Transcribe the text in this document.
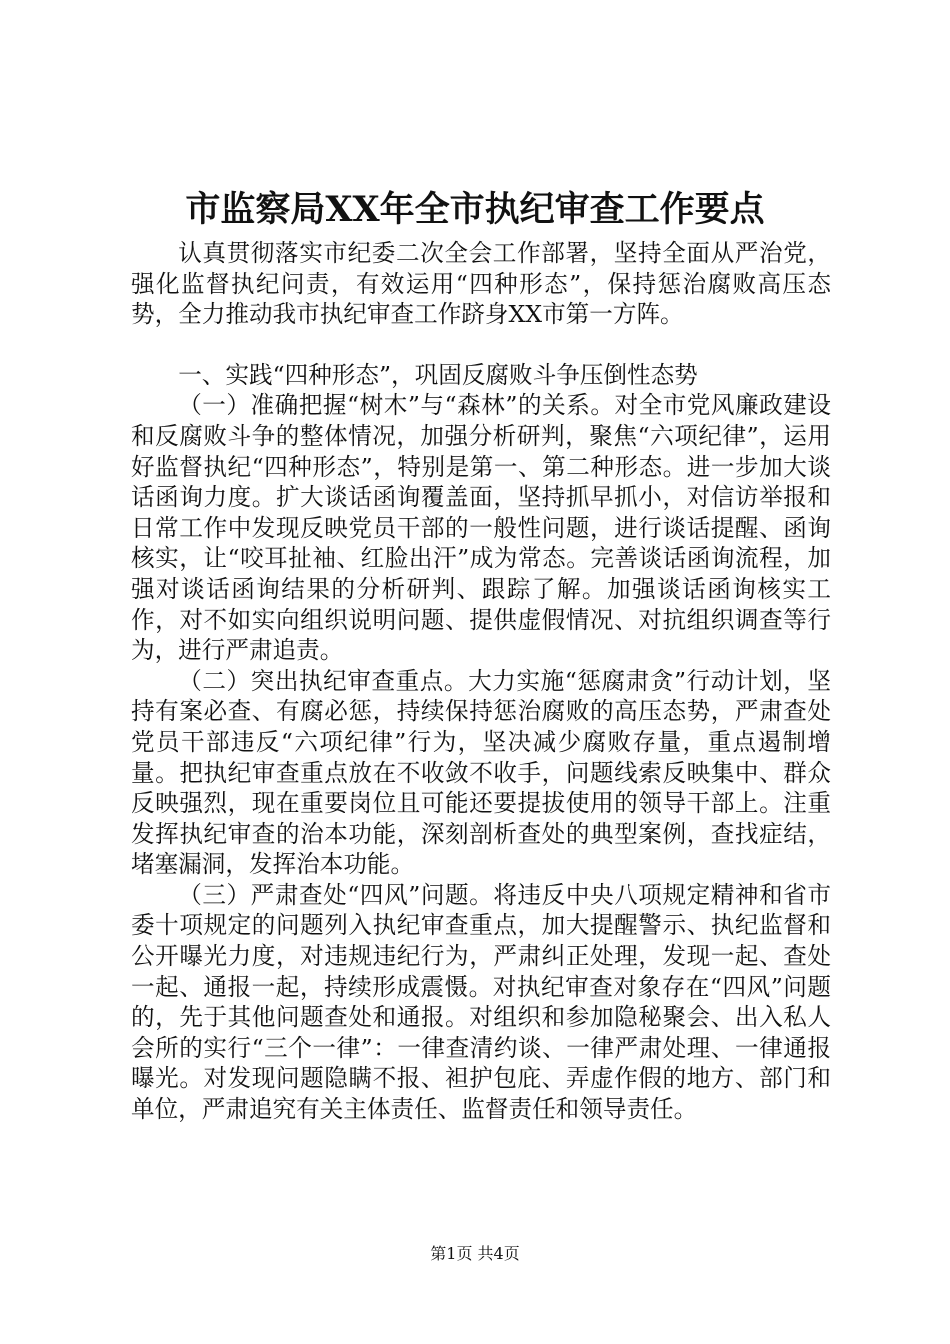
市监察局XX年全市执纪审查工作要点

认真贯彻落实市纪委二次全会工作部署，坚持全面从严治党，强化监督执纪问责，有效运用“四种形态”，保持惩治腐败高压态势，全力推动我市执纪审查工作跻身XX市第一方阵。

一、实践“四种形态”，巩固反腐败斗争压倒性态势

（一）准确把握“树木”与“森林”的关系。对全市党风廉政建设和反腐败斗争的整体情况，加强分析研判，聚焦“六项纪律”，运用好监督执纪“四种形态”，特别是第一、第二种形态。进一步加大谈话函询力度。扩大谈话函询覆盖面，坚持抓早抓小，对信访举报和日常工作中发现反映党员干部的一般性问题，进行谈话提醒、函询核实，让“咬耳扯袖、红脸出汗”成为常态。完善谈话函询流程，加强对谈话函询结果的分析研判、跟踪了解。加强谈话函询核实工作，对不如实向组织说明问题、提供虚假情况、对抗组织调查等行为，进行严肃追责。

（二）突出执纪审查重点。大力实施“惩腐肃贪”行动计划，坚持有案必查、有腐必惩，持续保持惩治腐败的高压态势，严肃查处党员干部违反“六项纪律”行为，坚决减少腐败存量，重点遏制增量。把执纪审查重点放在不收敛不收手，问题线索反映集中、群众反映强烈，现在重要岗位且可能还要提拔使用的领导干部上。注重发挥执纪审查的治本功能，深刻剖析查处的典型案例，查找症结，堵塞漏洞，发挥治本功能。

（三）严肃查处“四风”问题。将违反中央八项规定精神和省市委十项规定的问题列入执纪审查重点，加大提醒警示、执纪监督和公开曝光力度，对违规违纪行为，严肃纠正处理，发现一起、查处一起、通报一起，持续形成震慑。对执纪审查对象存在“四风”问题的，先于其他问题查处和通报。对组织和参加隐秘聚会、出入私人会所的实行“三个一律”：一律查清约谈、一律严肃处理、一律通报曝光。对发现问题隐瞒不报、袒护包庇、弄虚作假的地方、部门和单位，严肃追究有关主体责任、监督责任和领导责任。

第1页 共4页
